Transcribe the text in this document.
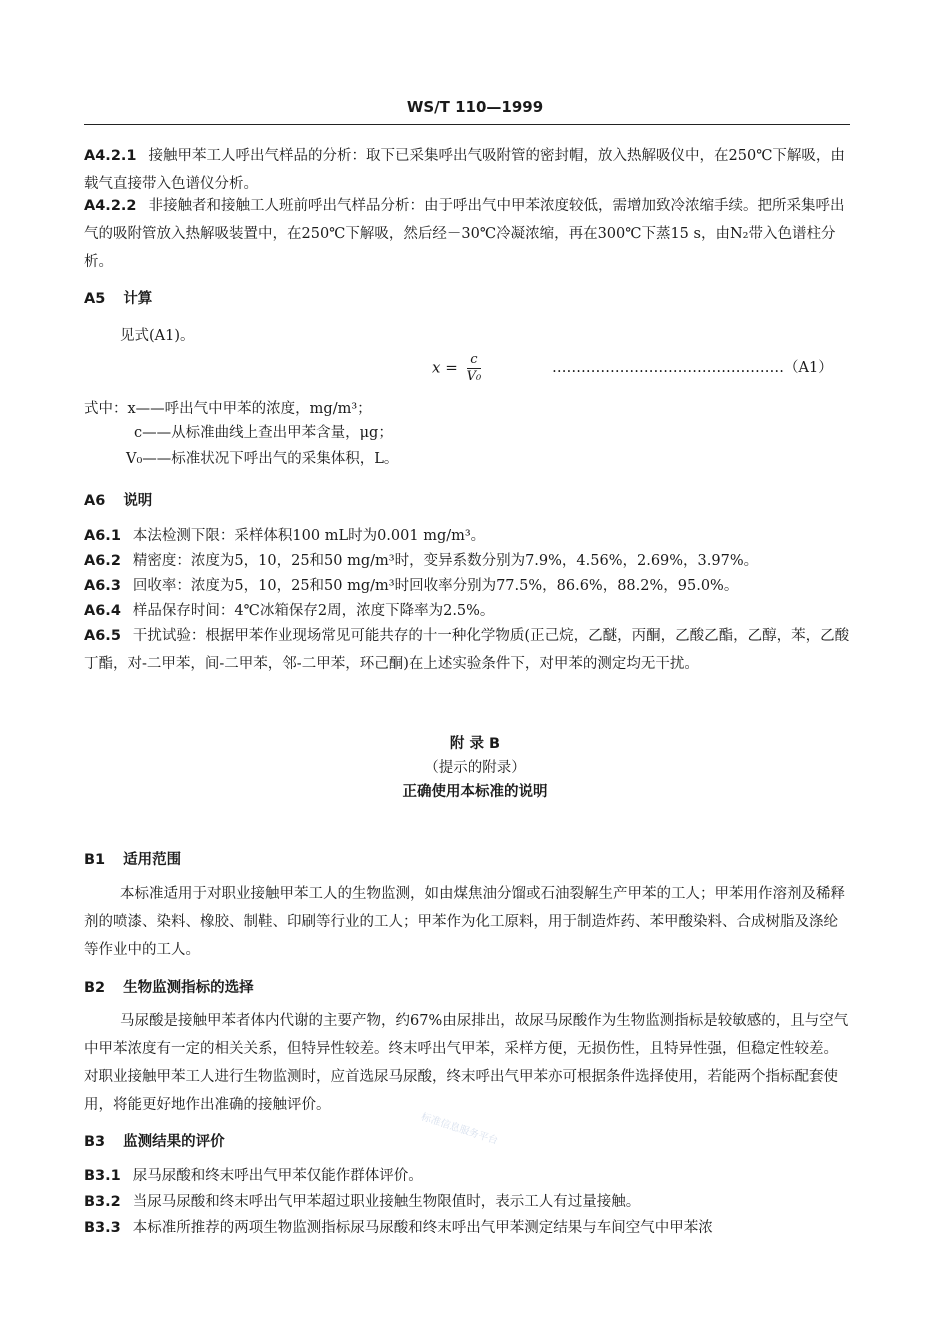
WS/T 110—1999
A4.2.1 接触甲苯工人呼出气样品的分析：取下已采集呼出气吸附管的密封帽，放入热解吸仪中，在250℃下解吸，由载气直接带入色谱仪分析。
A4.2.2 非接触者和接触工人班前呼出气样品分析：由于呼出气中甲苯浓度较低，需增加致冷浓缩手续。把所采集呼出气的吸附管放入热解吸装置中，在250℃下解吸，然后经－30℃冷凝浓缩，再在300℃下蒸15 s，由N₂带入色谱柱分析。
A5 计算
见式(A1)。
$x = \frac{c}{\text{V₀}}$	…………………………………………（A1）
式中：x——呼出气中甲苯的浓度，mg/m³；
c——从标准曲线上查出甲苯含量，μg；
V₀——标准状况下呼出气的采集体积，L。
A6 说明
A6.1 本法检测下限：采样体积100 mL时为0.001 mg/m³。
A6.2 精密度：浓度为5，10，25和50 mg/m³时，变异系数分别为7.9%，4.56%，2.69%，3.97%。
A6.3 回收率：浓度为5，10，25和50 mg/m³时回收率分别为77.5%，86.6%，88.2%，95.0%。
A6.4 样品保存时间：4℃冰箱保存2周，浓度下降率为2.5%。
A6.5 干扰试验：根据甲苯作业现场常见可能共存的十一种化学物质(正己烷，乙醚，丙酮，乙酸乙酯，乙醇，苯，乙酸丁酯，对-二甲苯，间-二甲苯，邻-二甲苯，环己酮)在上述实验条件下，对甲苯的测定均无干扰。
附 录 B
（提示的附录）
正确使用本标准的说明
B1 适用范围
本标准适用于对职业接触甲苯工人的生物监测，如由煤焦油分馏或石油裂解生产甲苯的工人；甲苯用作溶剂及稀释剂的喷漆、染料、橡胶、制鞋、印刷等行业的工人；甲苯作为化工原料，用于制造炸药、苯甲酸染料、合成树脂及涤纶等作业中的工人。
B2 生物监测指标的选择
马尿酸是接触甲苯者体内代谢的主要产物，约67%由尿排出，故尿马尿酸作为生物监测指标是较敏感的，且与空气中甲苯浓度有一定的相关关系，但特异性较差。终末呼出气甲苯，采样方便，无损伤性，且特异性强，但稳定性较差。对职业接触甲苯工人进行生物监测时，应首选尿马尿酸，终末呼出气甲苯亦可根据条件选择使用，若能两个指标配套使用，将能更好地作出准确的接触评价。
标准信息服务平台
B3 监测结果的评价
B3.1 尿马尿酸和终末呼出气甲苯仅能作群体评价。
B3.2 当尿马尿酸和终末呼出气甲苯超过职业接触生物限值时，表示工人有过量接触。
B3.3 本标准所推荐的两项生物监测指标尿马尿酸和终末呼出气甲苯测定结果与车间空气中甲苯浓
